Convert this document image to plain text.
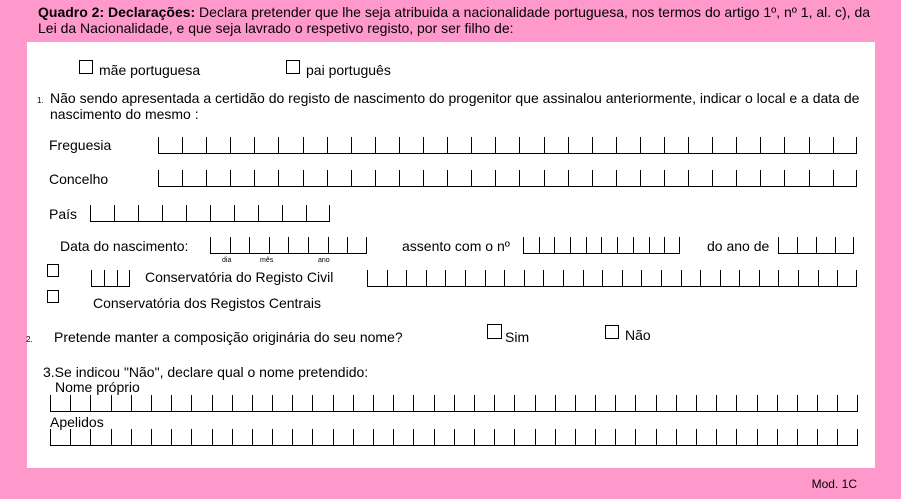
Quadro 2: Declarações: Declara pretender que lhe seja atribuida a nacionalidade portuguesa, nos termos do artigo 1º, nº 1, al. c), da Lei da Nacionalidade, e que seja lavrado o respetivo registo, por ser filho de:
mãe portuguesa	pai português
1. Não sendo apresentada a certidão do registo de nascimento do progenitor que assinalou anteriormente, indicar o local e a data de nascimento do mesmo :
Freguesia
Concelho
País
Data do nascimento:
dia	mês	ano
assento com o nº	do ano de
Conservatória do Registo Civil
Conservatória dos Registos Centrais
2. Pretende manter a composição originária do seu nome?	Sim	Não
3.Se indicou "Não", declare qual o nome pretendido:
Nome próprio
Apelidos
Mod. 1C
